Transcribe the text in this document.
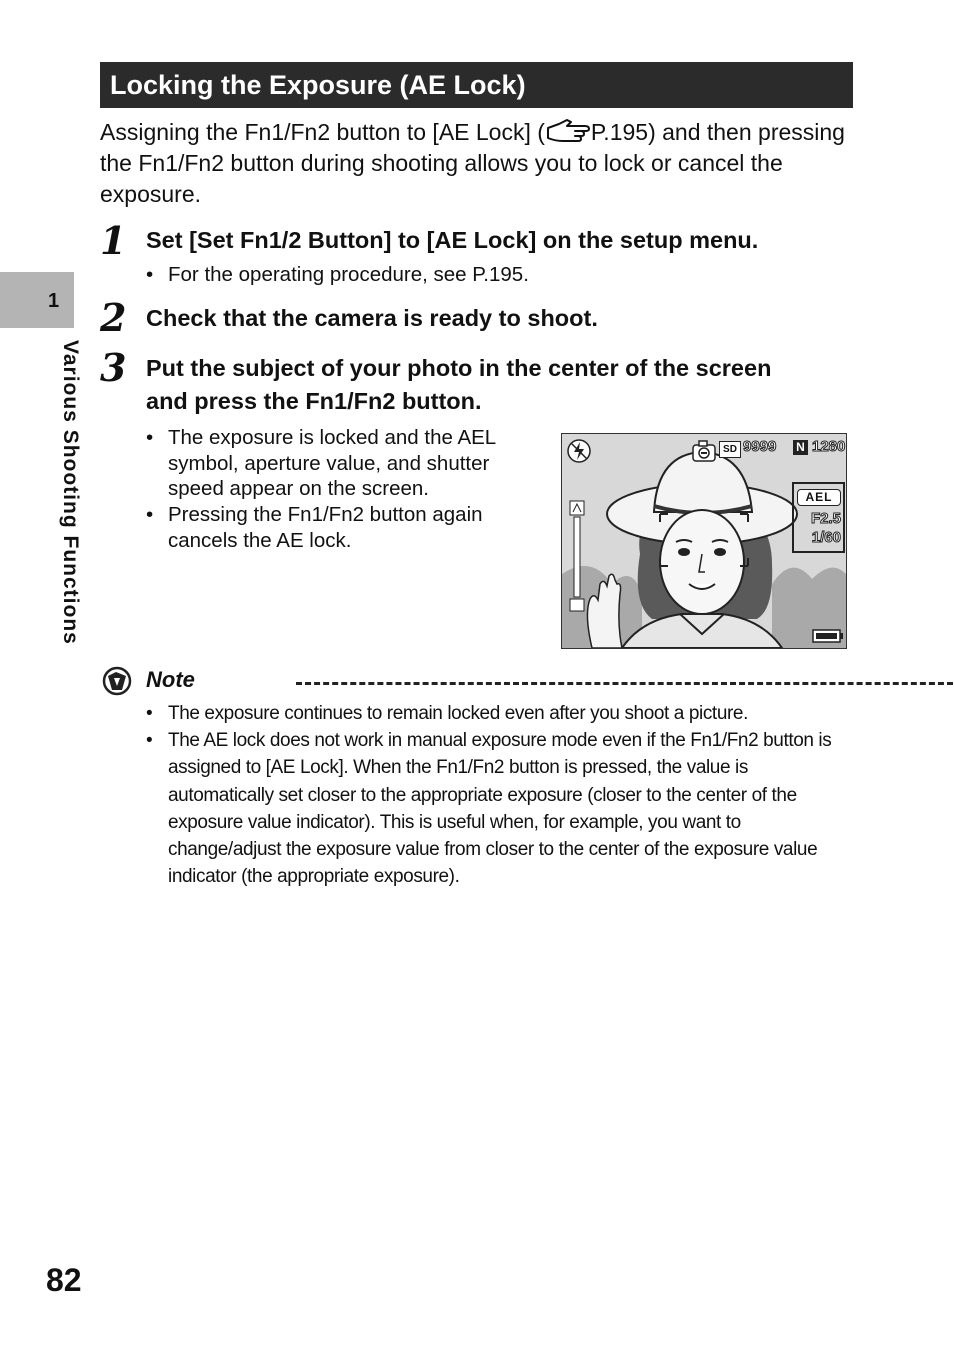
Locking the Exposure (AE Lock)

Assigning the Fn1/Fn2 button to [AE Lock] ( P.195) and then pressing the Fn1/Fn2 button during shooting allows you to lock or cancel the exposure.

1
Various Shooting Functions
1 Set [Set Fn1/2 Button] to [AE Lock] on the setup menu.
• For the operating procedure, see P.195.
2 Check that the camera is ready to shoot.
3 Put the subject of your photo in the center of the screen
and press the Fn1/Fn2 button.
• The exposure is locked and the AEL
symbol, aperture value, and shutter
speed appear on the screen.
• Pressing the Fn1/Fn2 button again
cancels the AE lock.
SD 9999 N 1280
AEL
F2.5
1/60
Note
• The exposure continues to remain locked even after you shoot a picture.
• The AE lock does not work in manual exposure mode even if the Fn1/Fn2 button is assigned to [AE Lock]. When the Fn1/Fn2 button is pressed, the value is automatically set closer to the appropriate exposure (closer to the center of the exposure value indicator). This is useful when, for example, you want to change/adjust the exposure value from closer to the center of the exposure value indicator (the appropriate exposure).
82
